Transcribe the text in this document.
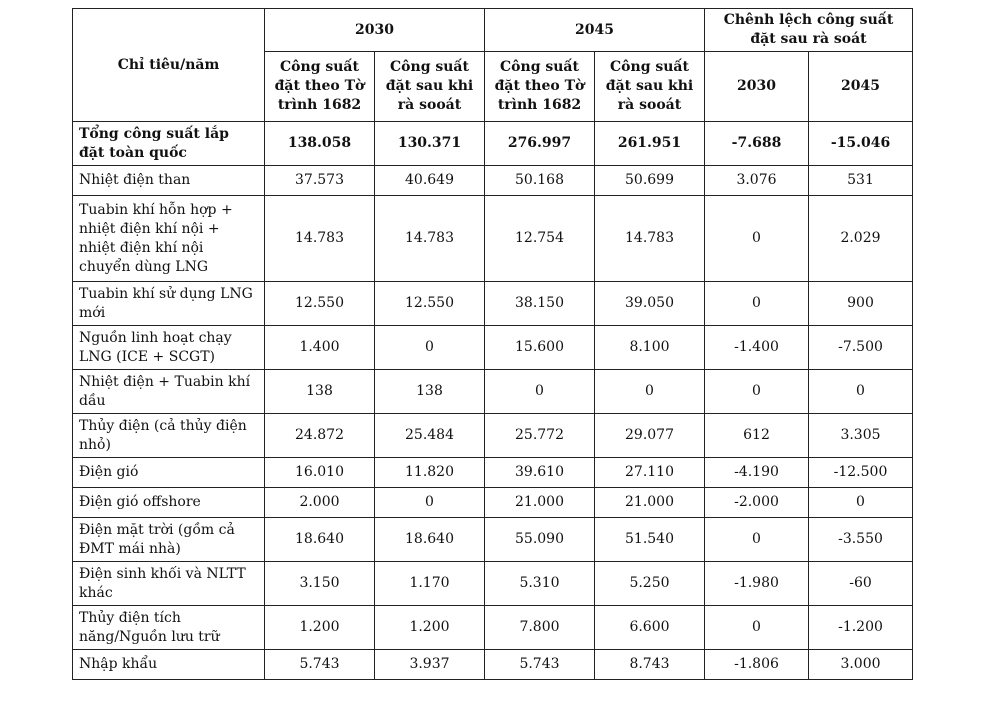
Chỉ tiêu/năm	2030		2045		Chênh lệch công suất đặt sau rà soát	
	Công suất đặt theo Tờ trình 1682	Công suất đặt sau khi rà sooát	Công suất đặt theo Tờ trình 1682	Công suất đặt sau khi rà sooát	2030	2045
Tổng công suất lắp đặt toàn quốc	138.058	130.371	276.997	261.951	-7.688	-15.046
Nhiệt điện than	37.573	40.649	50.168	50.699	3.076	531
Tuabin khí hỗn hợp + nhiệt điện khí nội + nhiệt điện khí nội chuyển dùng LNG	14.783	14.783	12.754	14.783	0	2.029
Tuabin khí sử dụng LNG mới	12.550	12.550	38.150	39.050	0	900
Nguồn linh hoạt chạy LNG (ICE + SCGT)	1.400	0	15.600	8.100	-1.400	-7.500
Nhiệt điện + Tuabin khí dầu	138	138	0	0	0	0
Thủy điện (cả thủy điện nhỏ)	24.872	25.484	25.772	29.077	612	3.305
Điện gió	16.010	11.820	39.610	27.110	-4.190	-12.500
Điện gió offshore	2.000	0	21.000	21.000	-2.000	0
Điện mặt trời (gồm cả ĐMT mái nhà)	18.640	18.640	55.090	51.540	0	-3.550
Điện sinh khối và NLTT khác	3.150	1.170	5.310	5.250	-1.980	-60
Thủy điện tích năng/Nguồn lưu trữ	1.200	1.200	7.800	6.600	0	-1.200
Nhập khẩu	5.743	3.937	5.743	8.743	-1.806	3.000
